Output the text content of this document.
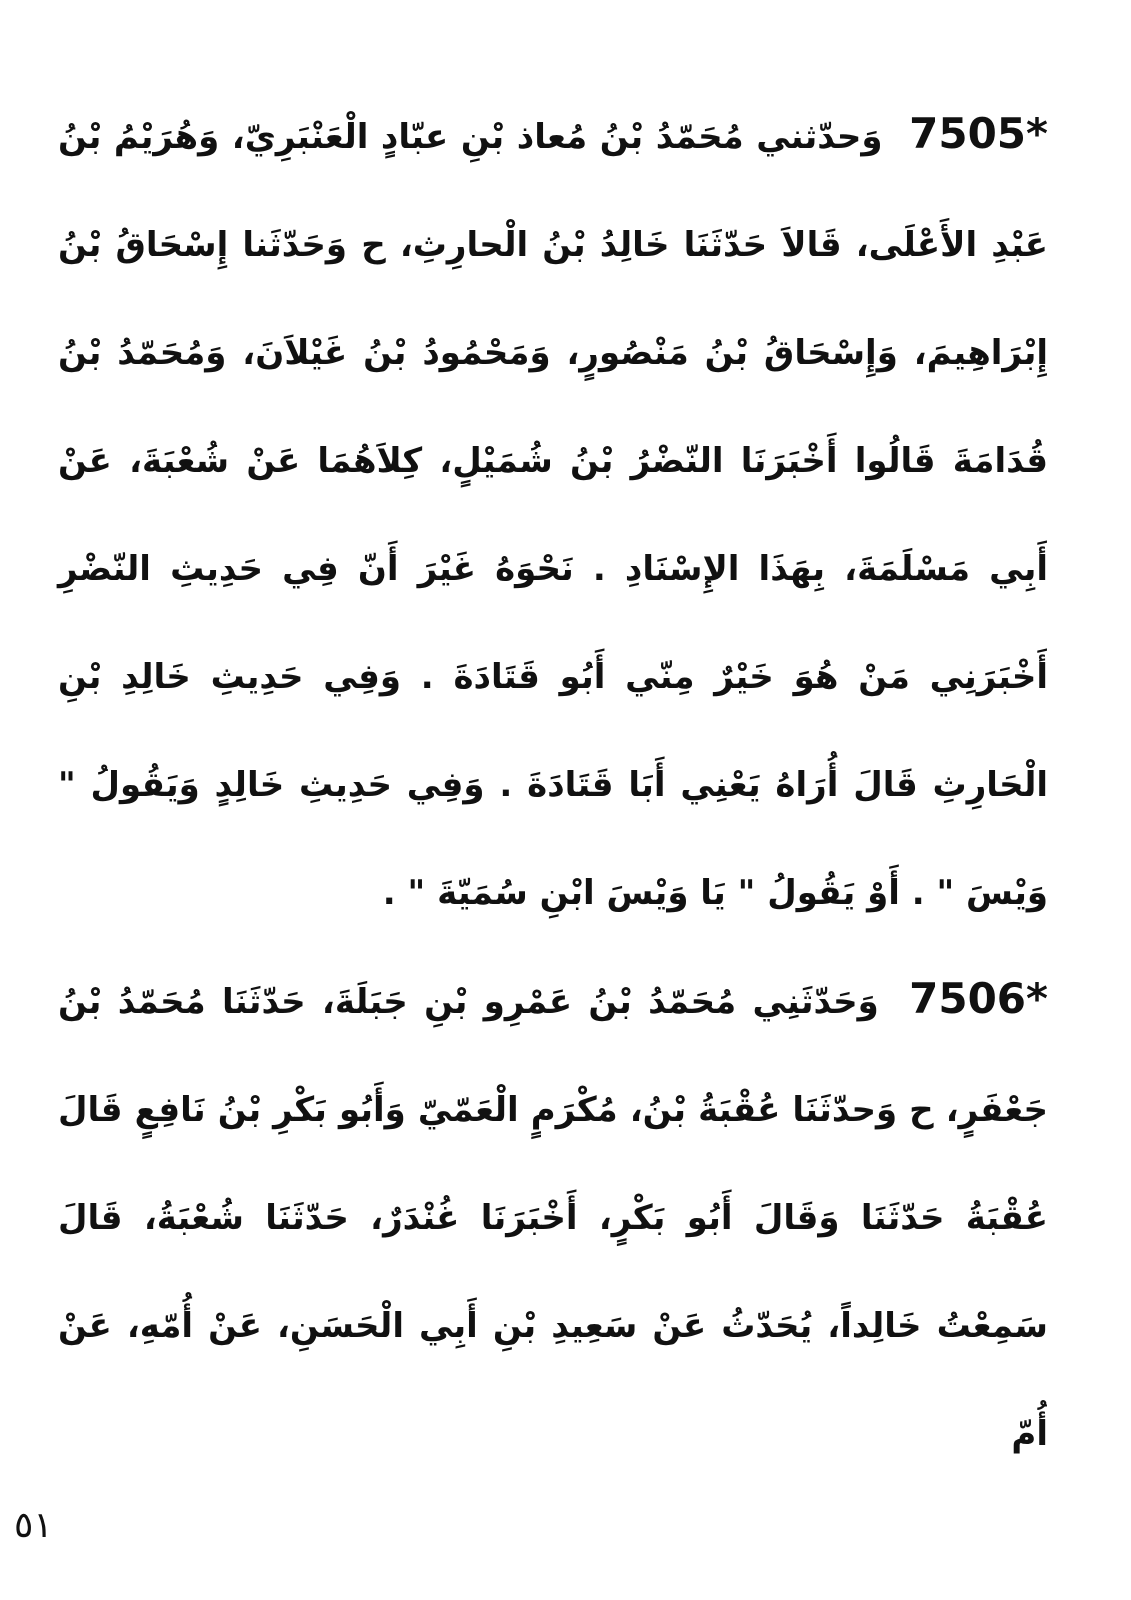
7505* وَحدّثني مُحَمّدُ بْنُ مُعاذ بْنِ عبّادٍ الْعَنْبَرِيّ، وَهُرَيْمُ بْنُ عَبْدِ الأَعْلَى، قَالاَ حَدّثَنَا خَالِدُ بْنُ الْحارِثِ، ح وَحَدّثَنا إِسْحَاقُ بْنُ إِبْرَاهِيمَ، وَإِسْحَاقُ بْنُ مَنْصُورٍ، وَمَحْمُودُ بْنُ غَيْلاَنَ، وَمُحَمّدُ بْنُ قُدَامَةَ قَالُوا أَخْبَرَنَا النّضْرُ بْنُ شُمَيْلٍ، كِلاَهُمَا عَنْ شُعْبَةَ، عَنْ أَبِي مَسْلَمَةَ، بِهَذَا الإِسْنَادِ . نَحْوَهُ غَيْرَ أَنّ فِي حَدِيثِ النّضْرِ أَخْبَرَنِي مَنْ هُوَ خَيْرٌ مِنّي أَبُو قَتَادَةَ . وَفِي حَدِيثِ خَالِدِ بْنِ الْحَارِثِ قَالَ أُرَاهُ يَعْنِي أَبَا قَتَادَةَ . وَفِي حَدِيثِ خَالِدٍ وَيَقُولُ " وَيْسَ " . أَوْ يَقُولُ " يَا وَيْسَ ابْنِ سُمَيّةَ " .
7506* وَحَدّثَنِي مُحَمّدُ بْنُ عَمْرِو بْنِ جَبَلَةَ، حَدّثَنَا مُحَمّدُ بْنُ جَعْفَرٍ، ح وَحدّثَنَا عُقْبَةُ بْنُ، مُكْرَمٍ الْعَمّيّ وَأَبُو بَكْرِ بْنُ نَافِعٍ قَالَ عُقْبَةُ حَدّثَنَا وَقَالَ أَبُو بَكْرٍ، أَخْبَرَنَا غُنْدَرٌ، حَدّثَنَا شُعْبَةُ، قَالَ سَمِعْتُ خَالِداً، يُحَدّثُ عَنْ سَعِيدِ بْنِ أَبِي الْحَسَنِ، عَنْ أُمّهِ، عَنْ أُمّ
٥١
